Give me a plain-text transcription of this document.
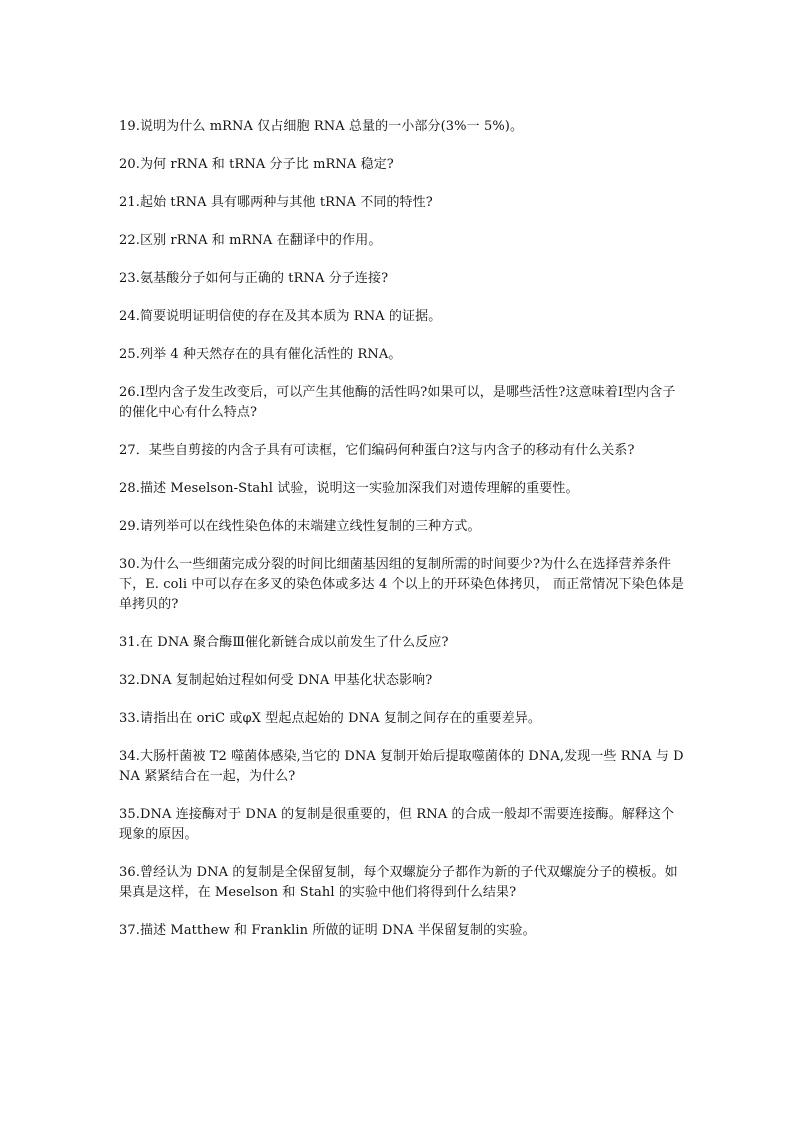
19.说明为什么 mRNA 仅占细胞 RNA 总量的一小部分(3%一 5%)。
20.为何 rRNA 和 tRNA 分子比 mRNA 稳定?
21.起始 tRNA 具有哪两种与其他 tRNA 不同的特性?
22.区别 rRNA 和 mRNA 在翻译中的作用。
23.氨基酸分子如何与正确的 tRNA 分子连接?
24.简要说明证明信使的存在及其本质为 RNA 的证据。
25.列举 4 种天然存在的具有催化活性的 RNA。
26.Ⅰ型内含子发生改变后，可以产生其他酶的活性吗?如果可以，是哪些活性?这意味着Ⅰ型内含子的催化中心有什么特点?
27．某些自剪接的内含子具有可读框，它们编码何种蛋白?这与内含子的移动有什么关系?
28.描述 Meselson-Stahl 试验，说明这一实验加深我们对遗传理解的重要性。
29.请列举可以在线性染色体的末端建立线性复制的三种方式。
30.为什么一些细菌完成分裂的时间比细菌基因组的复制所需的时间要少?为什么在选择营养条件下，E. coli 中可以存在多叉的染色体或多达 4 个以上的开环染色体拷贝， 而正常情况下染色体是单拷贝的?
31.在 DNA 聚合酶Ⅲ催化新链合成以前发生了什么反应?
32.DNA 复制起始过程如何受 DNA 甲基化状态影响?
33.请指出在 oriC 或φX 型起点起始的 DNA 复制之间存在的重要差异。
34.大肠杆菌被 T2 噬菌体感染,当它的 DNA 复制开始后提取噬菌体的 DNA,发现一些 RNA 与 DNA 紧紧结合在一起，为什么?
35.DNA 连接酶对于 DNA 的复制是很重要的，但 RNA 的合成一般却不需要连接酶。解释这个现象的原因。
36.曾经认为 DNA 的复制是全保留复制，每个双螺旋分子都作为新的子代双螺旋分子的模板。如果真是这样，在 Meselson 和 Stahl 的实验中他们将得到什么结果?
37.描述 Matthew 和 Franklin 所做的证明 DNA 半保留复制的实验。
